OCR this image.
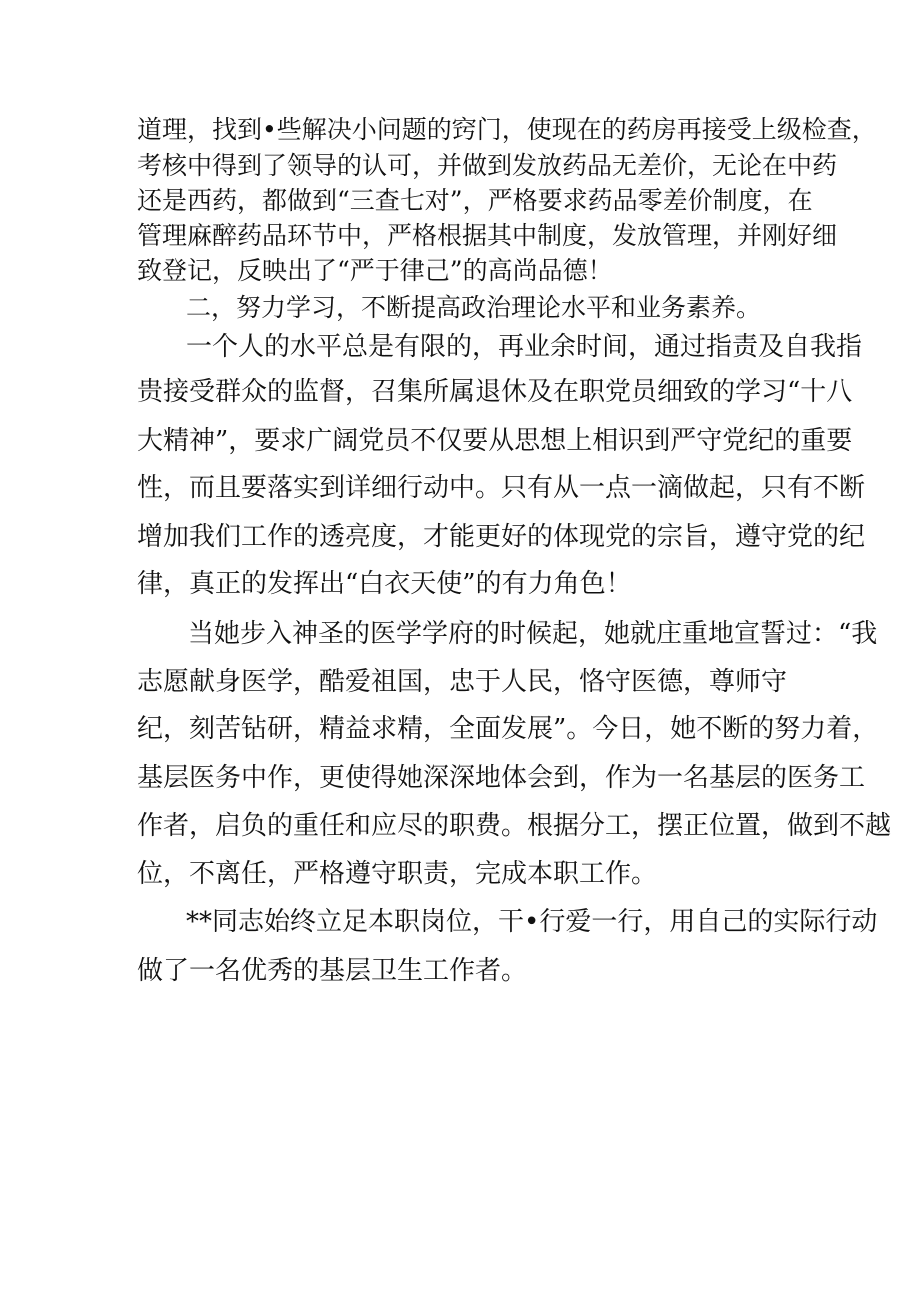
道理，找到•些解决小问题的窍门，使现在的药房再接受上级检查，
考核中得到了领导的认可，并做到发放药品无差价，无论在中药
还是西药，都做到“三查七对”，严格要求药品零差价制度，在
管理麻醉药品环节中，严格根据其中制度，发放管理，并刚好细
致登记，反映出了“严于律己”的高尚品德！
二，努力学习，不断提高政治理论水平和业务素养。
一个人的水平总是有限的，再业余时间，通过指责及自我指
贵接受群众的监督，召集所属退休及在职党员细致的学习“十八
大精神”，要求广阔党员不仅要从思想上相识到严守党纪的重要
性，而且要落实到详细行动中。只有从一点一滴做起，只有不断
增加我们工作的透亮度，才能更好的体现党的宗旨，遵守党的纪
律，真正的发挥出“白衣天使”的有力角色！
当她步入神圣的医学学府的时候起，她就庄重地宣誓过：“我
志愿献身医学，酷爱祖国，忠于人民，恪守医德，尊师守
纪，刻苦钻研，精益求精，全面发展”。今日，她不断的努力着，
基层医务中作，更使得她深深地体会到，作为一名基层的医务工
作者，启负的重任和应尽的职费。根据分工，摆正位置，做到不越
位，不离任，严格遵守职责，完成本职工作。
**同志始终立足本职岗位，干•行爱一行，用自己的实际行动
做了一名优秀的基层卫生工作者。
